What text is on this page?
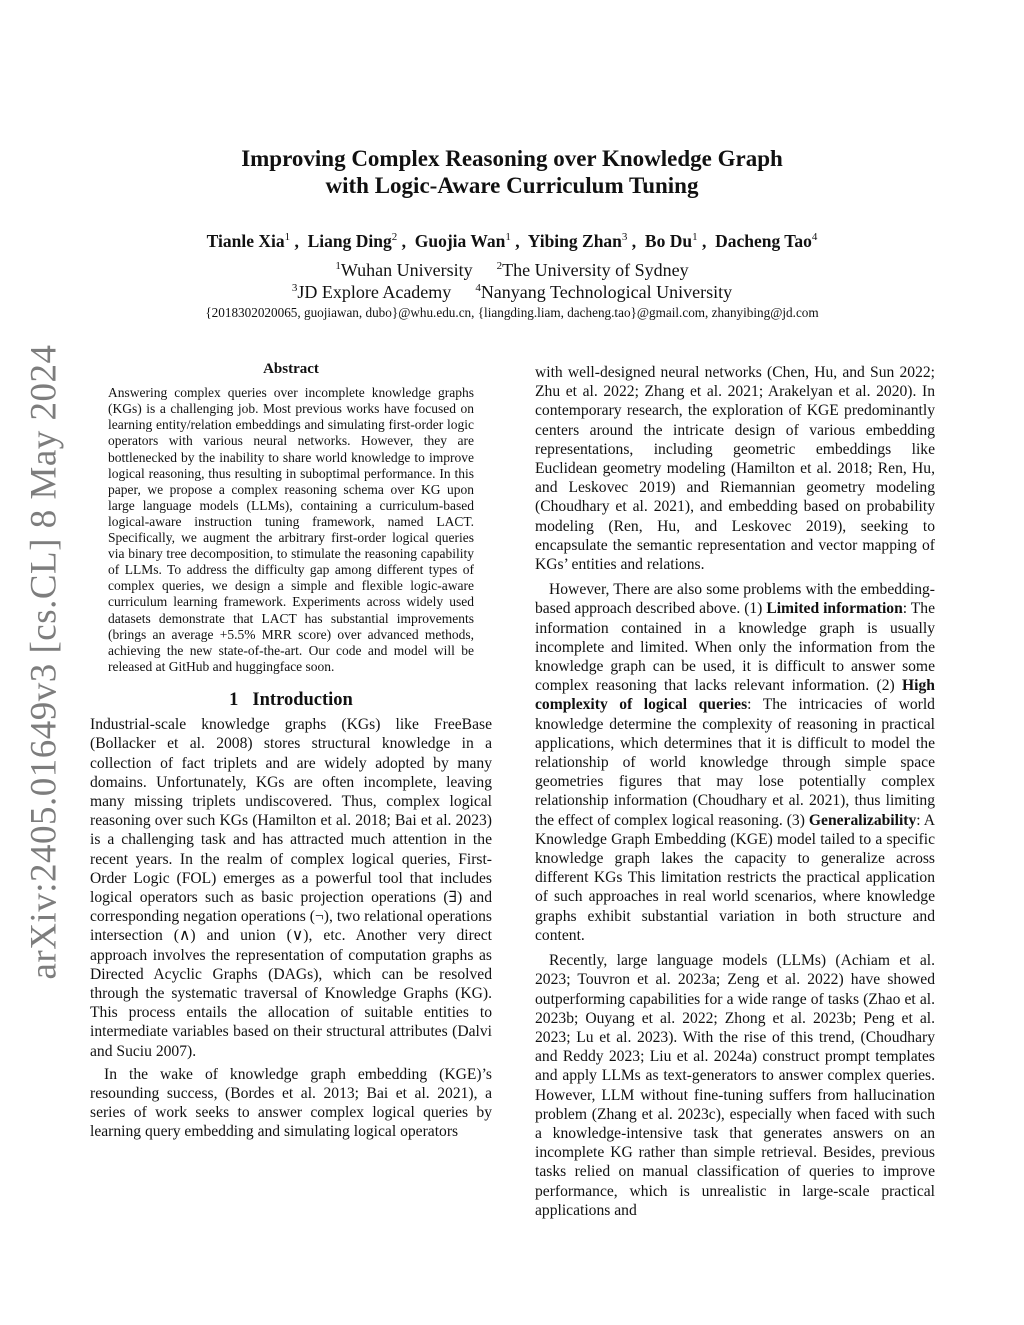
arXiv:2405.01649v3 [cs.CL] 8 May 2024
Improving Complex Reasoning over Knowledge Graph
with Logic-Aware Curriculum Tuning
Tianle Xia$^1$ ,  Liang Ding$^2$ ,  Guojia Wan$^1$ ,  Yibing Zhan$^3$ ,  Bo Du$^1$ ,  Dacheng Tao$^4$
$^1$Wuhan University $^2$The University of Sydney
$^3$JD Explore Academy $^4$Nanyang Technological University
{2018302020065, guojiawan, dubo}@whu.edu.cn, {liangding.liam, dacheng.tao}@gmail.com, zhanyibing@jd.com
Abstract

Answering complex queries over incomplete knowledge graphs (KGs) is a challenging job. Most previous works have focused on learning entity/relation embeddings and simulating first-order logic operators with various neural networks. However, they are bottlenecked by the inability to share world knowledge to improve logical reasoning, thus resulting in suboptimal performance. In this paper, we propose a complex reasoning schema over KG upon large language models (LLMs), containing a curriculum-based logical-aware instruction tuning framework, named LACT. Specifically, we augment the arbitrary first-order logical queries via binary tree decomposition, to stimulate the reasoning capability of LLMs. To address the difficulty gap among different types of complex queries, we design a simple and flexible logic-aware curriculum learning framework. Experiments across widely used datasets demonstrate that LACT has substantial improvements (brings an average +5.5% MRR score) over advanced methods, achieving the new state-of-the-art. Our code and model will be released at GitHub and huggingface soon.

1 Introduction

Industrial-scale knowledge graphs (KGs) like FreeBase (Bollacker et al. 2008) stores structural knowledge in a collection of fact triplets and are widely adopted by many domains. Unfortunately, KGs are often incomplete, leaving many missing triplets undiscovered. Thus, complex logical reasoning over such KGs (Hamilton et al. 2018; Bai et al. 2023) is a challenging task and has attracted much attention in the recent years. In the realm of complex logical queries, First-Order Logic (FOL) emerges as a powerful tool that includes logical operators such as basic projection operations (∃) and corresponding negation operations (¬), two relational operations intersection (∧) and union (∨), etc. Another very direct approach involves the representation of computation graphs as Directed Acyclic Graphs (DAGs), which can be resolved through the systematic traversal of Knowledge Graphs (KG). This process entails the allocation of suitable entities to intermediate variables based on their structural attributes (Dalvi and Suciu 2007).

In the wake of knowledge graph embedding (KGE)’s resounding success, (Bordes et al. 2013; Bai et al. 2021), a series of work seeks to answer complex logical queries by learning query embedding and simulating logical operators

with well-designed neural networks (Chen, Hu, and Sun 2022; Zhu et al. 2022; Zhang et al. 2021; Arakelyan et al. 2020). In contemporary research, the exploration of KGE predominantly centers around the intricate design of various embedding representations, including geometric embeddings like Euclidean geometry modeling (Hamilton et al. 2018; Ren, Hu, and Leskovec 2019) and Riemannian geometry modeling (Choudhary et al. 2021), and embedding based on probability modeling (Ren, Hu, and Leskovec 2019), seeking to encapsulate the semantic representation and vector mapping of KGs’ entities and relations.

However, There are also some problems with the embedding-based approach described above. (1) Limited information: The information contained in a knowledge graph is usually incomplete and limited. When only the information from the knowledge graph can be used, it is difficult to answer some complex reasoning that lacks relevant information. (2) High complexity of logical queries: The intricacies of world knowledge determine the complexity of reasoning in practical applications, which determines that it is difficult to model the relationship of world knowledge through simple space geometries figures that may lose potentially complex relationship information (Choudhary et al. 2021), thus limiting the effect of complex logical reasoning. (3) Generalizability: A Knowledge Graph Embedding (KGE) model tailed to a specific knowledge graph lakes the capacity to generalize across different KGs This limitation restricts the practical application of such approaches in real world scenarios, where knowledge graphs exhibit substantial variation in both structure and content.

Recently, large language models (LLMs) (Achiam et al. 2023; Touvron et al. 2023a; Zeng et al. 2022) have showed outperforming capabilities for a wide range of tasks (Zhao et al. 2023b; Ouyang et al. 2022; Zhong et al. 2023b; Peng et al. 2023; Lu et al. 2023). With the rise of this trend, (Choudhary and Reddy 2023; Liu et al. 2024a) construct prompt templates and apply LLMs as text-generators to answer complex queries. However, LLM without fine-tuning suffers from hallucination problem (Zhang et al. 2023c), especially when faced with such a knowledge-intensive task that generates answers on an incomplete KG rather than simple retrieval. Besides, previous tasks relied on manual classification of queries to improve performance, which is unrealistic in large-scale practical applications and
